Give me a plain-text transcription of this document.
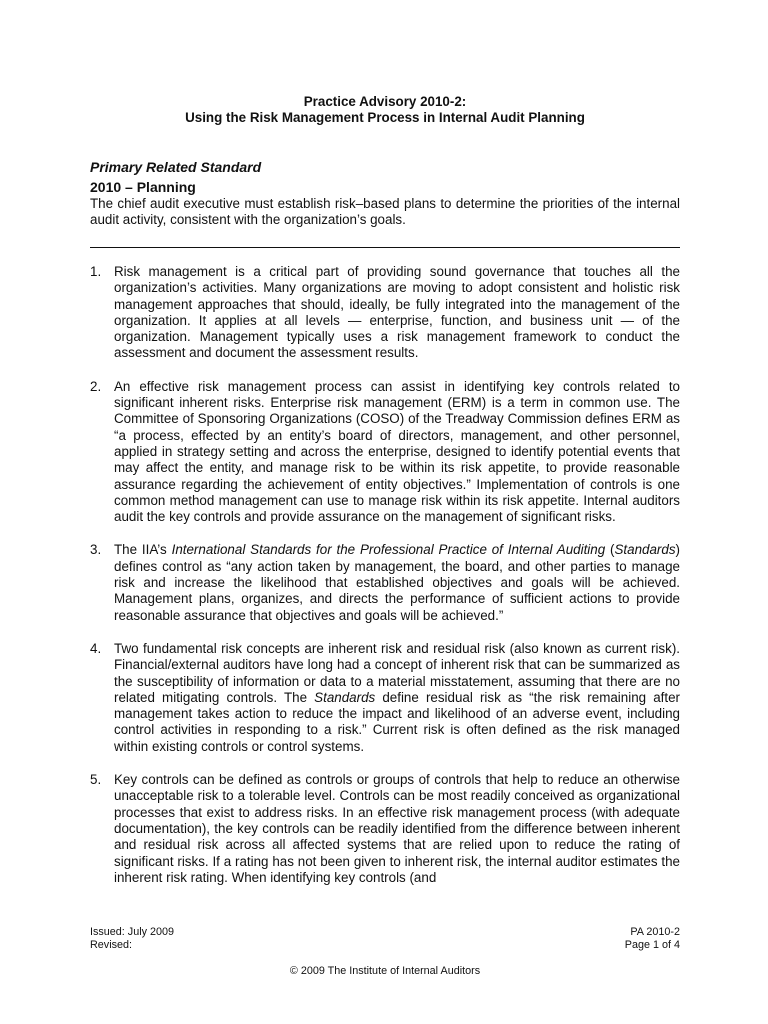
Practice Advisory 2010-2:
Using the Risk Management Process in Internal Audit Planning
Primary Related Standard
2010 – Planning
The chief audit executive must establish risk–based plans to determine the priorities of the internal audit activity, consistent with the organization’s goals.
1. Risk management is a critical part of providing sound governance that touches all the organization’s activities. Many organizations are moving to adopt consistent and holistic risk management approaches that should, ideally, be fully integrated into the management of the organization. It applies at all levels — enterprise, function, and business unit — of the organization. Management typically uses a risk management framework to conduct the assessment and document the assessment results.
2. An effective risk management process can assist in identifying key controls related to significant inherent risks. Enterprise risk management (ERM) is a term in common use. The Committee of Sponsoring Organizations (COSO) of the Treadway Commission defines ERM as “a process, effected by an entity’s board of directors, management, and other personnel, applied in strategy setting and across the enterprise, designed to identify potential events that may affect the entity, and manage risk to be within its risk appetite, to provide reasonable assurance regarding the achievement of entity objectives.” Implementation of controls is one common method management can use to manage risk within its risk appetite. Internal auditors audit the key controls and provide assurance on the management of significant risks.
3. The IIA’s International Standards for the Professional Practice of Internal Auditing (Standards) defines control as “any action taken by management, the board, and other parties to manage risk and increase the likelihood that established objectives and goals will be achieved. Management plans, organizes, and directs the performance of sufficient actions to provide reasonable assurance that objectives and goals will be achieved.”
4. Two fundamental risk concepts are inherent risk and residual risk (also known as current risk). Financial/external auditors have long had a concept of inherent risk that can be summarized as the susceptibility of information or data to a material misstatement, assuming that there are no related mitigating controls. The Standards define residual risk as “the risk remaining after management takes action to reduce the impact and likelihood of an adverse event, including control activities in responding to a risk.” Current risk is often defined as the risk managed within existing controls or control systems.
5. Key controls can be defined as controls or groups of controls that help to reduce an otherwise unacceptable risk to a tolerable level. Controls can be most readily conceived as organizational processes that exist to address risks. In an effective risk management process (with adequate documentation), the key controls can be readily identified from the difference between inherent and residual risk across all affected systems that are relied upon to reduce the rating of significant risks. If a rating has not been given to inherent risk, the internal auditor estimates the inherent risk rating. When identifying key controls (and
Issued: July 2009
Revised:
PA 2010-2
Page 1 of 4
© 2009 The Institute of Internal Auditors
